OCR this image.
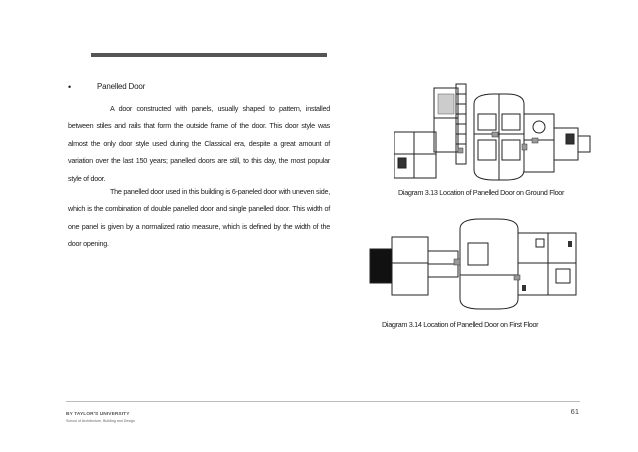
•	Panelled Door
A door constructed with panels, usually shaped to pattern, installed between stiles and rails that form the outside frame of the door. This door style was almost the only door style used during the Classical era, despite a great amount of variation over the last 150 years; panelled doors are still, to this day, the most popular style of door.
The panelled door used in this building is 6-paneled door with uneven side, which is the combination of double panelled door and single panelled door. This width of one panel is given by a normalized ratio measure, which is defined by the width of the door opening.
Diagram 3.13 Location of Panelled Door on Ground Floor
Diagram 3.14 Location of Panelled Door on First Floor
61
BY TAYLOR'S UNIVERSITY
School of Architecture, Building and Design
